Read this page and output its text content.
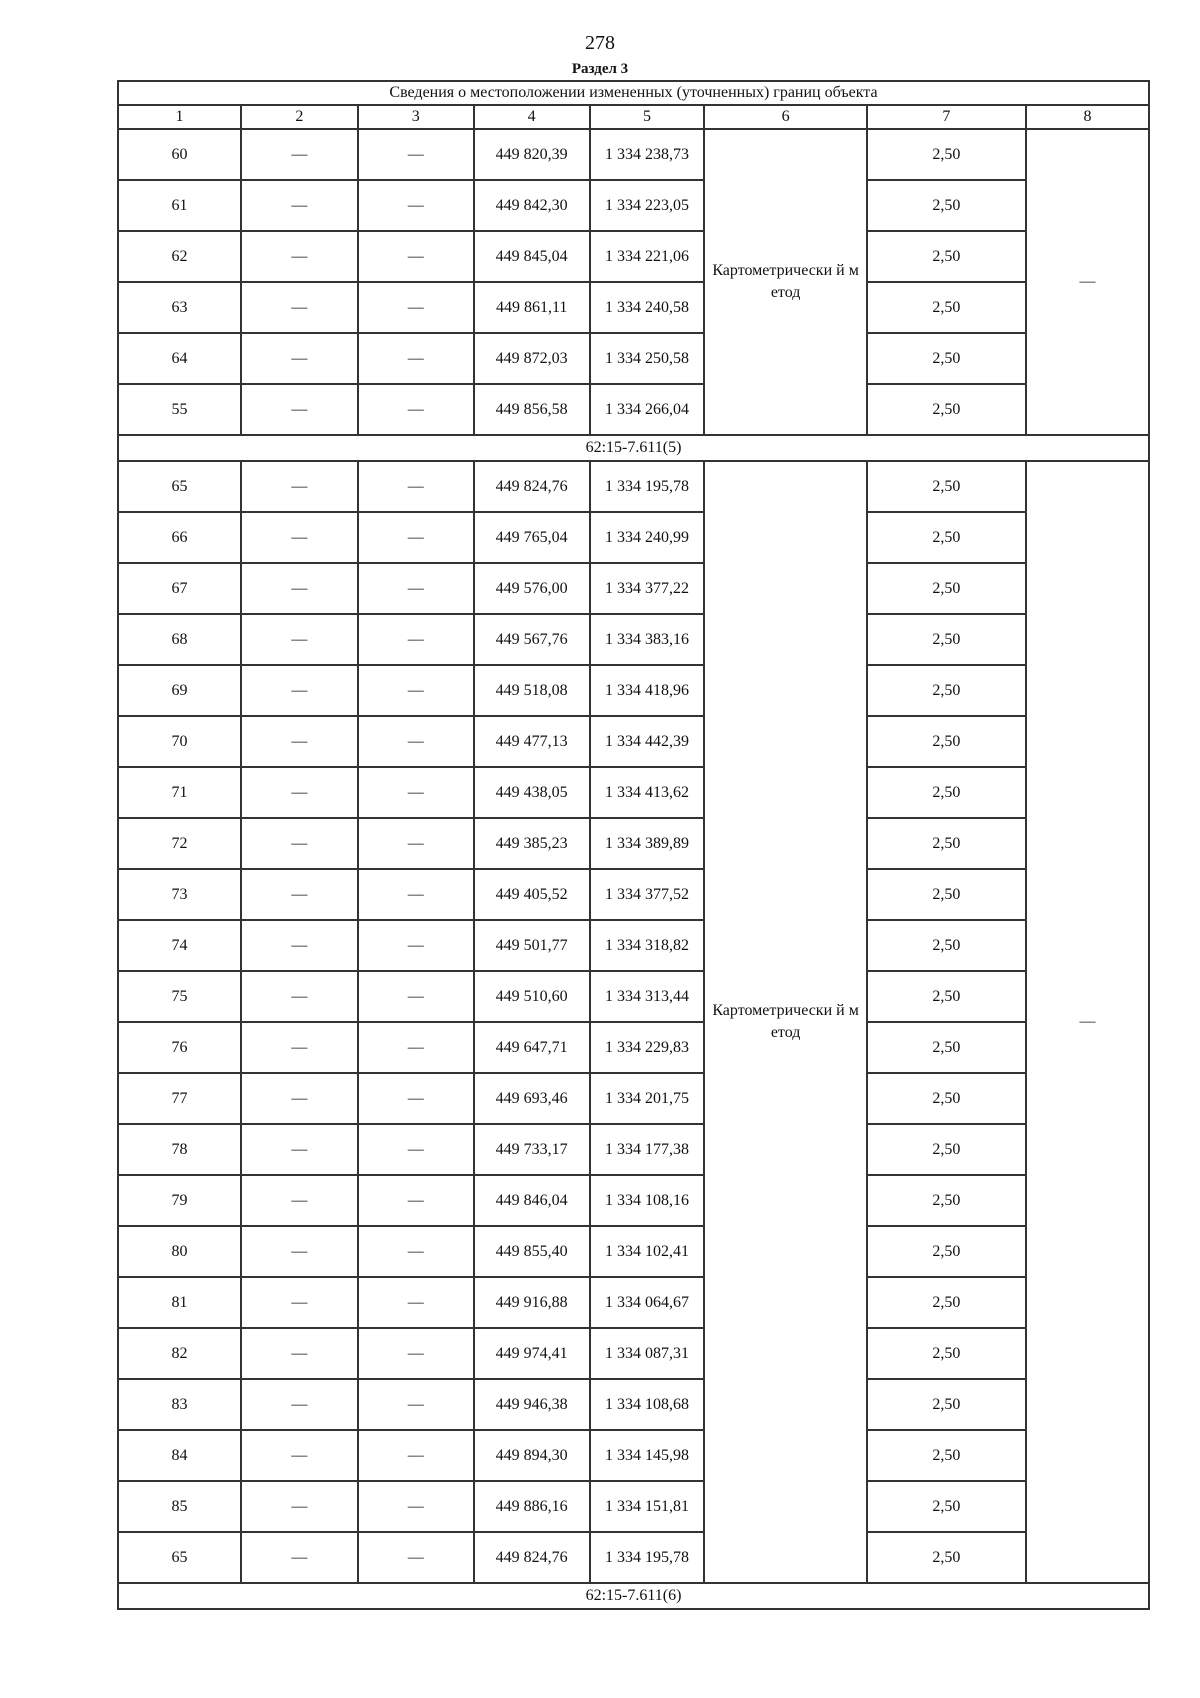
278
Раздел 3
Сведения о местоположении измененных (уточненных) границ объекта							
1	2	3	4	5	6	7	8
60	—	—	449 820,39	1 334 238,73	Картометрически й метод	2,50	—
61	—	—	449 842,30	1 334 223,05		2,50	
62	—	—	449 845,04	1 334 221,06		2,50	
63	—	—	449 861,11	1 334 240,58		2,50	
64	—	—	449 872,03	1 334 250,58		2,50	
55	—	—	449 856,58	1 334 266,04		2,50	
62:15-7.611(5)							
65	—	—	449 824,76	1 334 195,78	Картометрически й метод	2,50	—
66	—	—	449 765,04	1 334 240,99		2,50	
67	—	—	449 576,00	1 334 377,22		2,50	
68	—	—	449 567,76	1 334 383,16		2,50	
69	—	—	449 518,08	1 334 418,96		2,50	
70	—	—	449 477,13	1 334 442,39		2,50	
71	—	—	449 438,05	1 334 413,62		2,50	
72	—	—	449 385,23	1 334 389,89		2,50	
73	—	—	449 405,52	1 334 377,52		2,50	
74	—	—	449 501,77	1 334 318,82		2,50	
75	—	—	449 510,60	1 334 313,44		2,50	
76	—	—	449 647,71	1 334 229,83		2,50	
77	—	—	449 693,46	1 334 201,75		2,50	
78	—	—	449 733,17	1 334 177,38		2,50	
79	—	—	449 846,04	1 334 108,16		2,50	
80	—	—	449 855,40	1 334 102,41		2,50	
81	—	—	449 916,88	1 334 064,67		2,50	
82	—	—	449 974,41	1 334 087,31		2,50	
83	—	—	449 946,38	1 334 108,68		2,50	
84	—	—	449 894,30	1 334 145,98		2,50	
85	—	—	449 886,16	1 334 151,81		2,50	
65	—	—	449 824,76	1 334 195,78		2,50	
62:15-7.611(6)							
